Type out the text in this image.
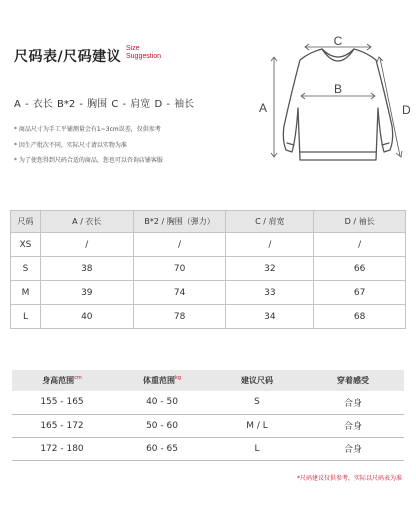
尺码表/尺码建议
Size
Suggestion
A - 衣长 B*2 - 胸围 C - 肩宽 D - 袖长
* 商品尺寸为手工平铺测量会有1~3cm误差，仅供参考
* 因生产批次不同，实际尺寸请以实物为准
* 为了使您得到尺码合适的商品，您也可以咨询店铺客服
C
B
A	D
尺码	A / 衣长	B*2 / 胸围（弹力）	C / 肩宽	D / 袖长
XS	/	/	/	/
S	38	70	32	66
M	39	74	33	67
L	40	78	34	68
身高范围$^{cm}$	体重范围$^{kg}$	建议尺码	穿着感受
155 - 165	40 - 50	S	合身
165 - 172	50 - 60	M / L	合身
172 - 180	60 - 65	L	合身
*尺码建议仅供参考，实际以尺码表为准
